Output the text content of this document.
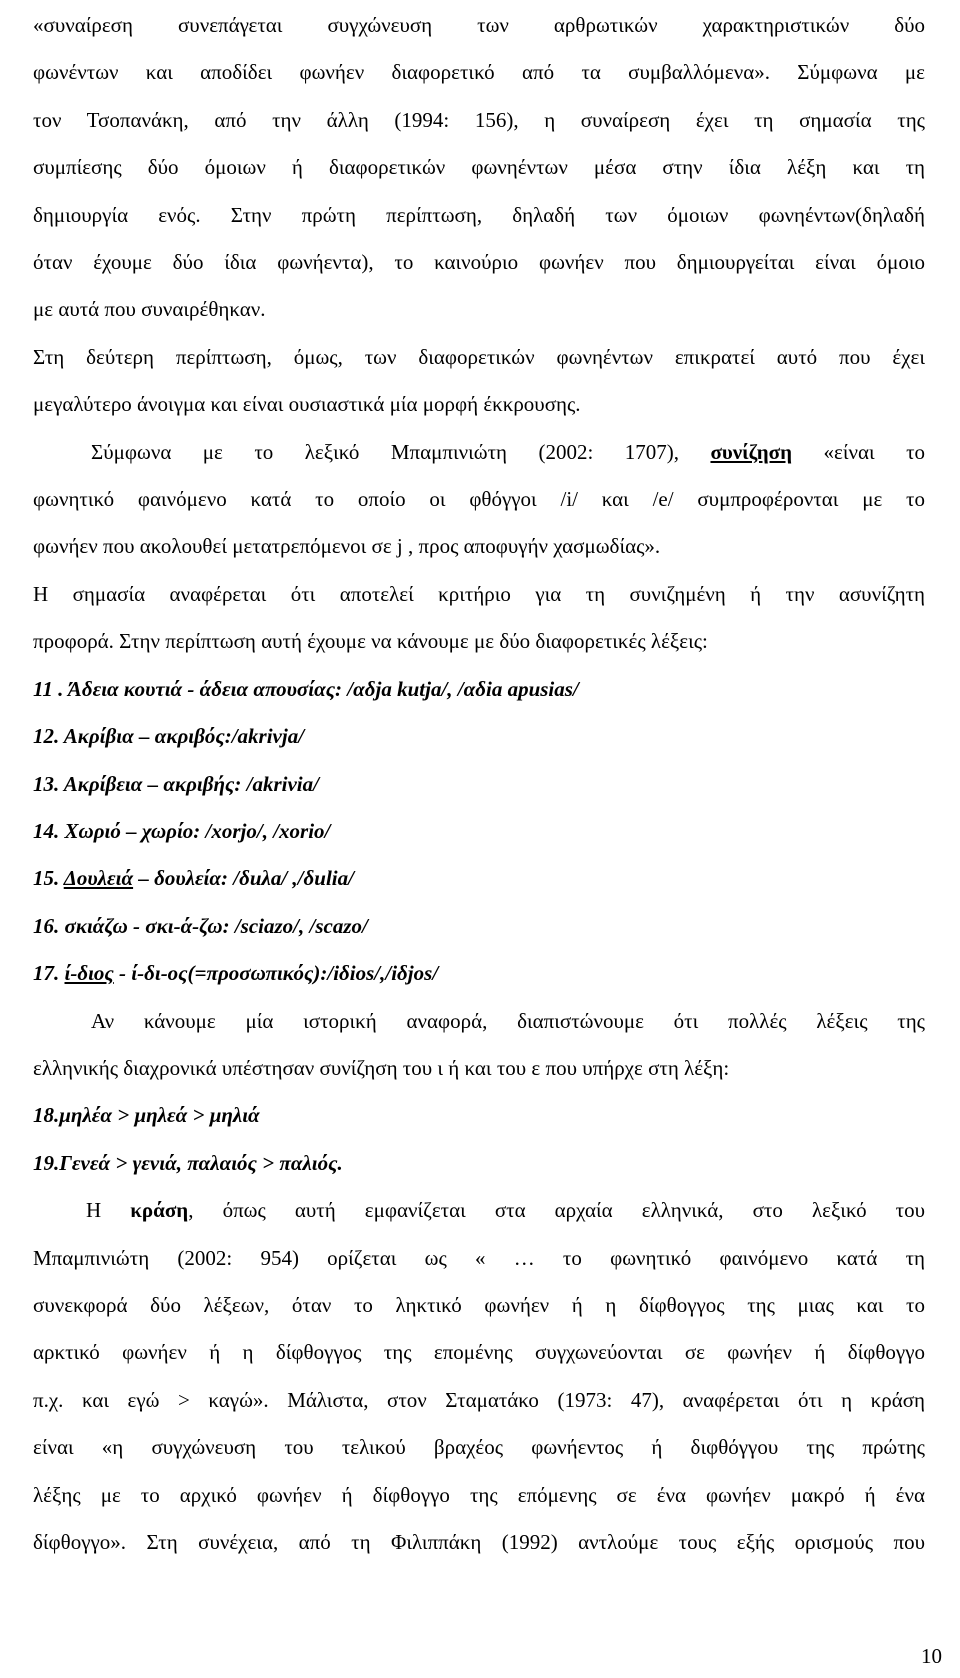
«συναίρεση συνεπάγεται συγχώνευση των αρθρωτικών χαρακτηριστικών δύο
φωνέντων και αποδίδει φωνήεν διαφορετικό από τα συμβαλλόμενα». Σύμφωνα με
τον Τσοπανάκη, από την άλλη (1994: 156), η συναίρεση έχει τη σημασία της
συμπίεσης δύο όμοιων ή διαφορετικών φωνηέντων μέσα στην ίδια λέξη και τη
δημιουργία ενός. Στην πρώτη περίπτωση, δηλαδή των όμοιων φωνηέντων(δηλαδή
όταν έχουμε δύο ίδια φωνήεντα), το καινούριο φωνήεν που δημιουργείται είναι όμοιο
με αυτά που συναιρέθηκαν.
Στη δεύτερη περίπτωση, όμως, των διαφορετικών φωνηέντων επικρατεί αυτό που έχει
μεγαλύτερο άνοιγμα και είναι ουσιαστικά μία μορφή έκκρουσης.
Σύμφωνα με το λεξικό Μπαμπινιώτη (2002: 1707), συνίζηση «είναι το
φωνητικό φαινόμενο κατά το οποίο οι φθόγγοι /i/ και /e/ συμπροφέρονται με το
φωνήεν που ακολουθεί μετατρεπόμενοι σε j , προς αποφυγήν χασμωδίας».
Η σημασία αναφέρεται ότι αποτελεί κριτήριο για τη συνιζημένη ή την ασυνίζητη
προφορά. Στην περίπτωση αυτή έχουμε να κάνουμε με δύο διαφορετικές λέξεις:
11 . Άδεια κουτιά - άδεια απουσίας: /αδja kutja/, /αδia apusias/
12. Ακρίβια – ακριβός:/akrivja/
13. Ακρίβεια – ακριβής: /akrivia/
14. Χωριό – χωρίο: /xorjo/, /xorio/
15. Δουλειά – δουλεία: /δuλa/ ,/δulia/
16. σκιάζω - σκι-ά-ζω: /sciazo/, /scazo/
17. ί-διος - ί-δι-ος(=προσωπικός):/iδios/,/iδjos/
Αν κάνουμε μία ιστορική αναφορά, διαπιστώνουμε ότι πολλές λέξεις της
ελληνικής διαχρονικά υπέστησαν συνίζηση του ι ή και του ε που υπήρχε στη λέξη:
18.μηλέα > μηλεά > μηλιά
19.Γενεά > γενιά, παλαιός > παλιός.
Η κράση, όπως αυτή εμφανίζεται στα αρχαία ελληνικά, στο λεξικό του
Μπαμπινιώτη (2002: 954) ορίζεται ως « … το φωνητικό φαινόμενο κατά τη
συνεκφορά δύο λέξεων, όταν το ληκτικό φωνήεν ή η δίφθογγος της μιας και το
αρκτικό φωνήεν ή η δίφθογγος της επομένης συγχωνεύονται σε φωνήεν ή δίφθογγο
π.χ. και εγώ > καγώ». Μάλιστα, στον Σταματάκο (1973: 47), αναφέρεται ότι η κράση
είναι «η συγχώνευση του τελικού βραχέος φωνήεντος ή διφθόγγου της πρώτης
λέξης με το αρχικό φωνήεν ή δίφθογγο της επόμενης σε ένα φωνήεν μακρό ή ένα
δίφθογγο». Στη συνέχεια, από τη Φιλιππάκη (1992) αντλούμε τους εξής ορισμούς που
10
